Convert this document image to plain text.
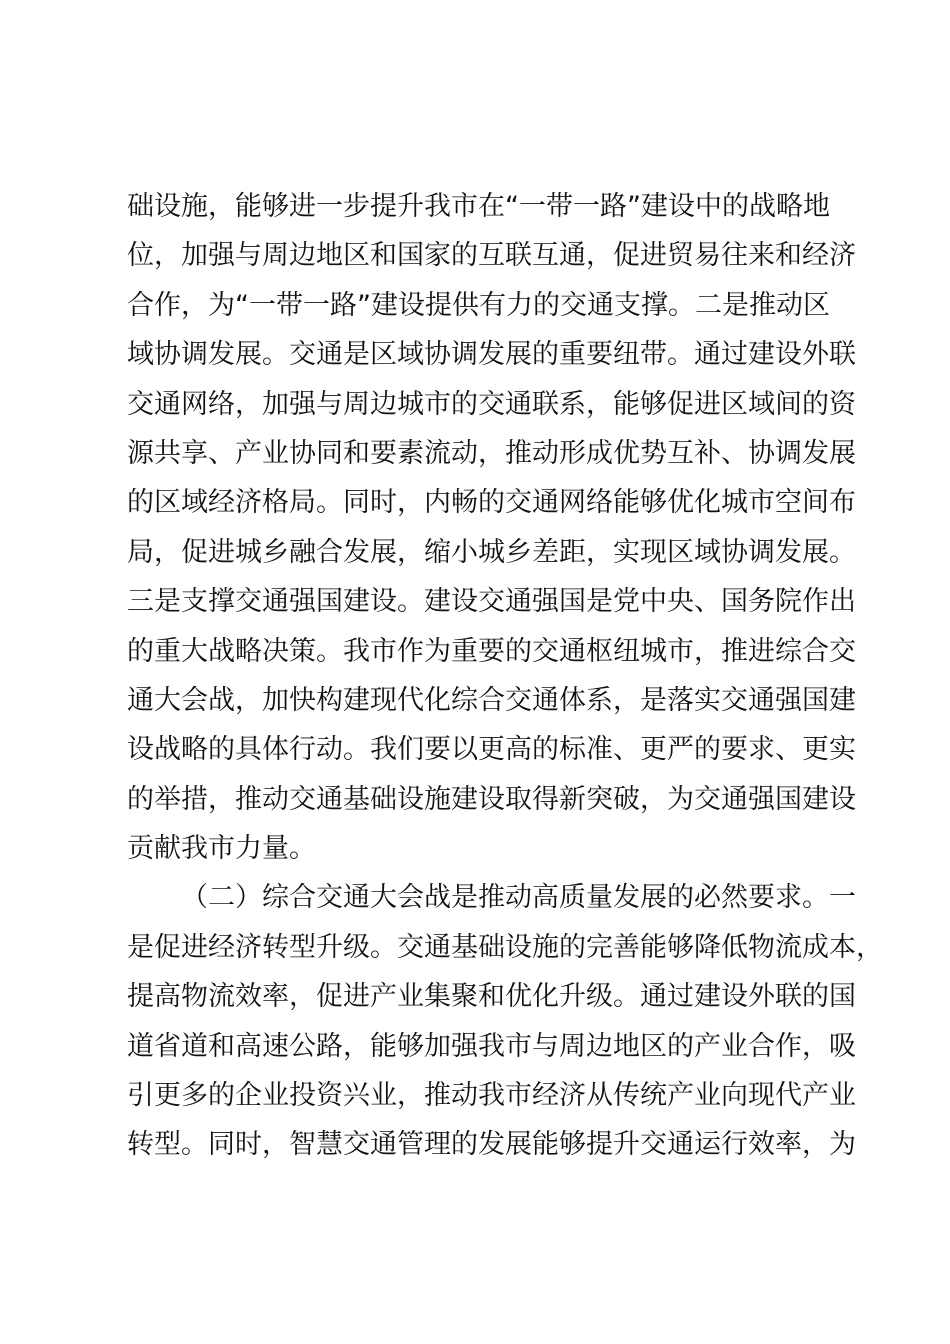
础设施，能够进一步提升我市在“一带一路”建设中的战略地
位，加强与周边地区和国家的互联互通，促进贸易往来和经济
合作，为“一带一路”建设提供有力的交通支撑。二是推动区
域协调发展。交通是区域协调发展的重要纽带。通过建设外联
交通网络，加强与周边城市的交通联系，能够促进区域间的资
源共享、产业协同和要素流动，推动形成优势互补、协调发展
的区域经济格局。同时，内畅的交通网络能够优化城市空间布
局，促进城乡融合发展，缩小城乡差距，实现区域协调发展。
三是支撑交通强国建设。建设交通强国是党中央、国务院作出
的重大战略决策。我市作为重要的交通枢纽城市，推进综合交
通大会战，加快构建现代化综合交通体系，是落实交通强国建
设战略的具体行动。我们要以更高的标准、更严的要求、更实
的举措，推动交通基础设施建设取得新突破，为交通强国建设
贡献我市力量。
（二）综合交通大会战是推动高质量发展的必然要求。一
是促进经济转型升级。交通基础设施的完善能够降低物流成本，
提高物流效率，促进产业集聚和优化升级。通过建设外联的国
道省道和高速公路，能够加强我市与周边地区的产业合作，吸
引更多的企业投资兴业，推动我市经济从传统产业向现代产业
转型。同时，智慧交通管理的发展能够提升交通运行效率，为
